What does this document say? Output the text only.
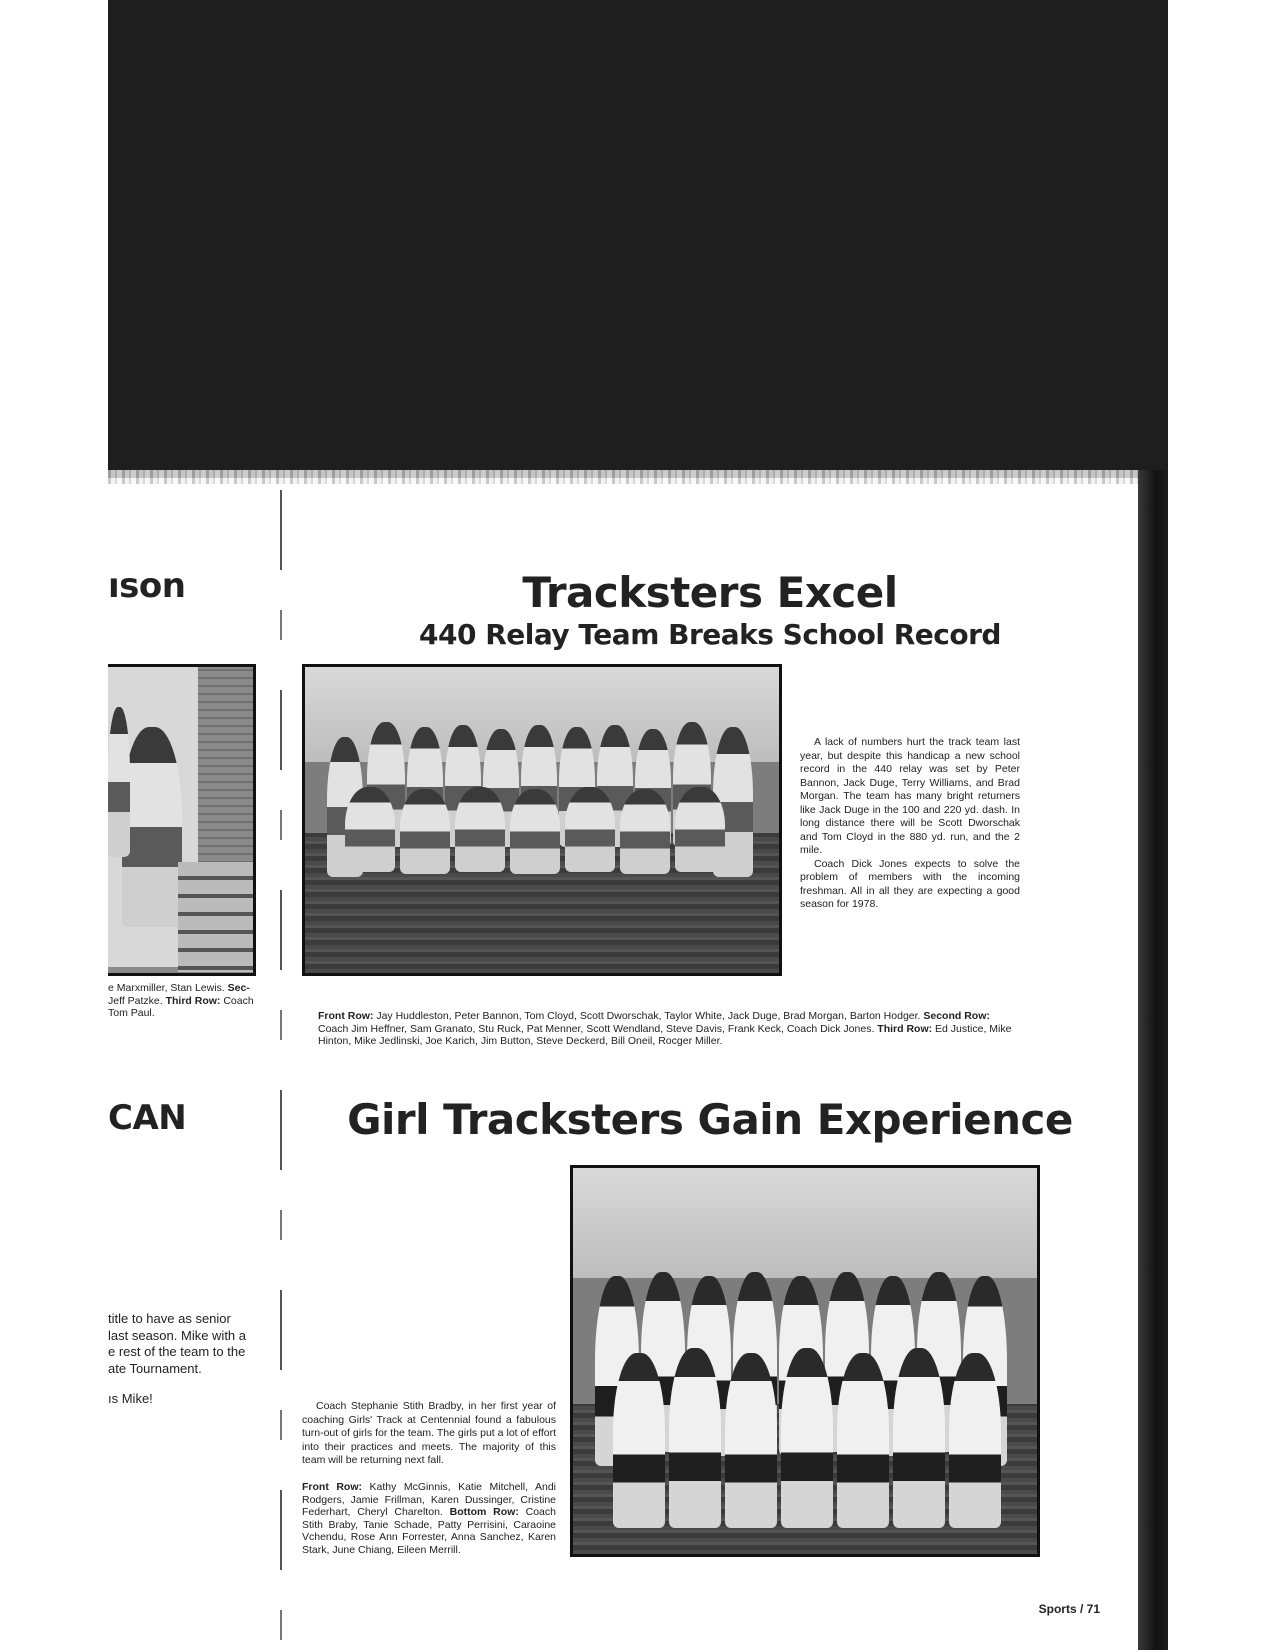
ıson
e Marxmiller, Stan Lewis. Sec-
Jeff Patzke. Third Row: Coach
Tom Paul.
CAN
title to have as senior
last season. Mike with a
e rest of the team to the
ate Tournament.
ıs Mike!
Tracksters Excel
440 Relay Team Breaks School Record

A lack of numbers hurt the track team last year, but despite this handicap a new school record in the 440 relay was set by Peter Bannon, Jack Duge, Terry Williams, and Brad Morgan. The team has many bright returners like Jack Duge in the 100 and 220 yd. dash. In long distance there will be Scott Dworschak and Tom Cloyd in the 880 yd. run, and the 2 mile.

Coach Dick Jones expects to solve the problem of members with the incoming freshman. All in all they are expecting a good season for 1978.

Front Row: Jay Huddleston, Peter Bannon, Tom Cloyd, Scott Dworschak, Taylor White, Jack Duge, Brad Morgan, Barton Hodger. Second Row: Coach Jim Heffner, Sam Granato, Stu Ruck, Pat Menner, Scott Wendland, Steve Davis, Frank Keck, Coach Dick Jones. Third Row: Ed Justice, Mike Hinton, Mike Jedlinski, Joe Karich, Jim Button, Steve Deckerd, Bill Oneil, Rocger Miller.
Girl Tracksters Gain Experience

Coach Stephanie Stith Bradby, in her first year of coaching Girls' Track at Centennial found a fabulous turn-out of girls for the team. The girls put a lot of effort into their practices and meets. The majority of this team will be returning next fall.

Front Row: Kathy McGinnis, Katie Mitchell, Andi Rodgers, Jamie Frillman, Karen Dussinger, Cristine Federhart, Cheryl Charelton. Bottom Row: Coach Stith Braby, Tanie Schade, Patty Perrisini, Caraoine Vchendu, Rose Ann Forrester, Anna Sanchez, Karen Stark, June Chiang, Eileen Merrill.
Sports / 71
